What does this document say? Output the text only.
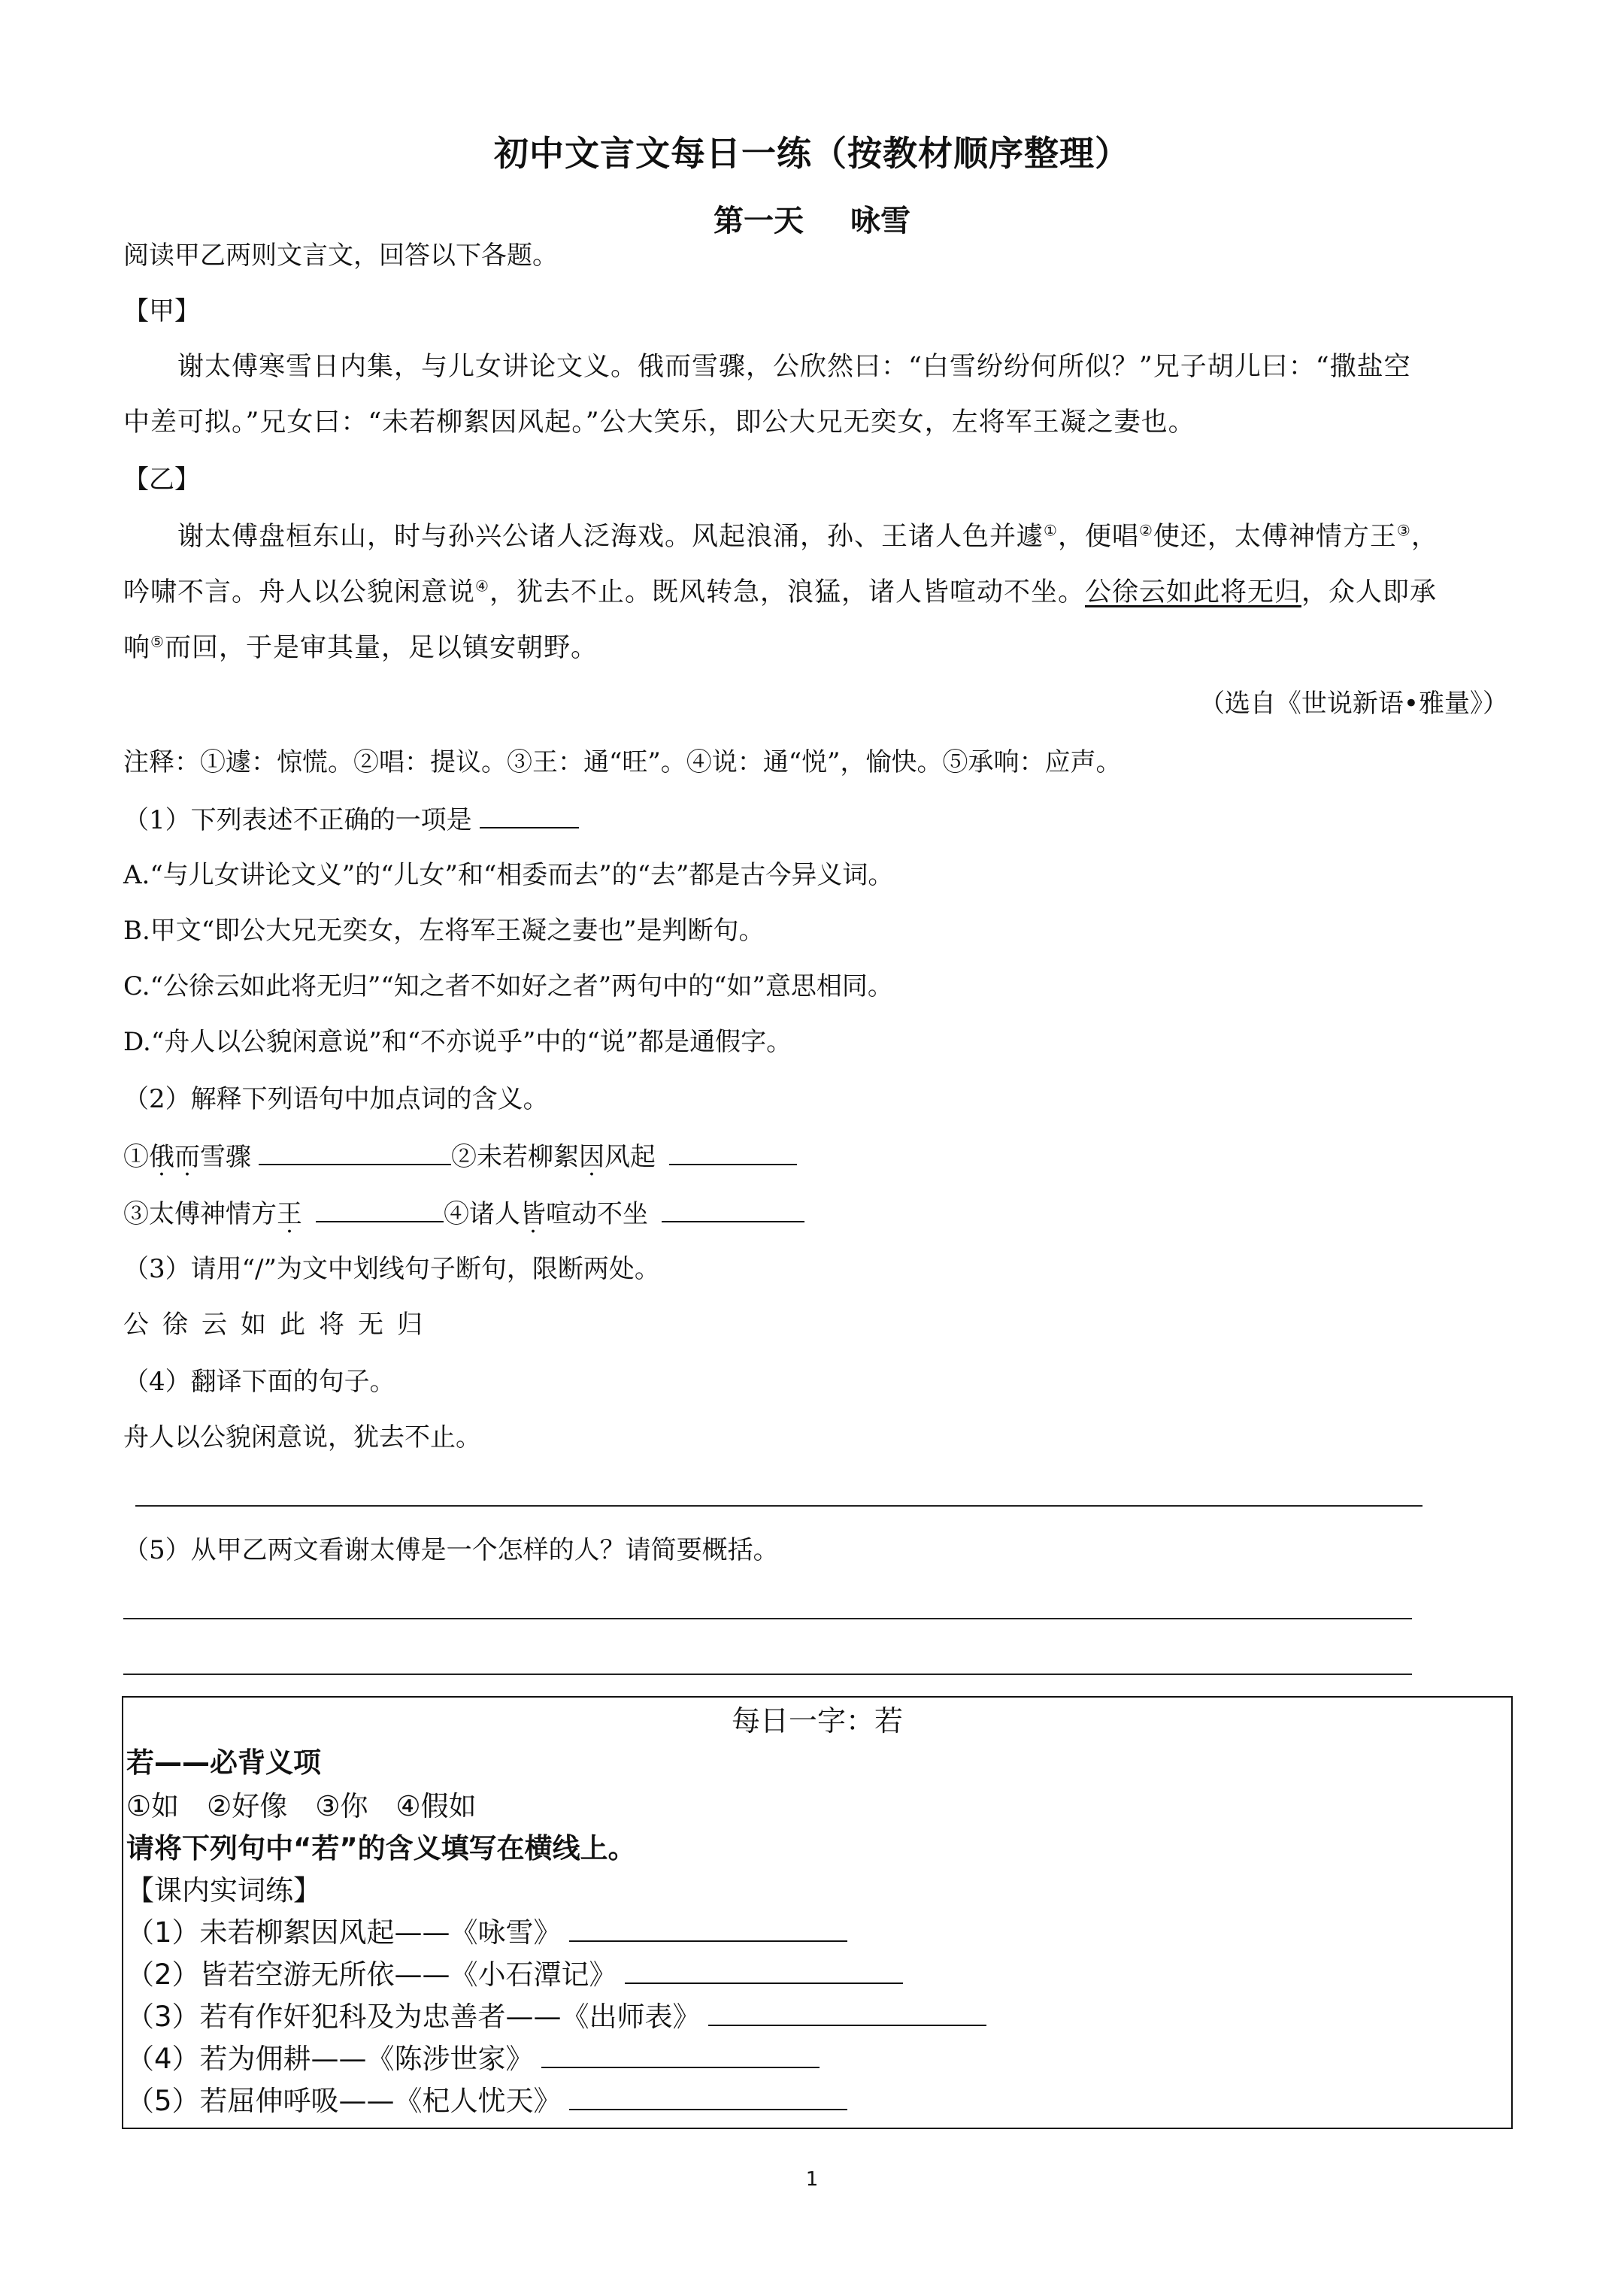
初中文言文每日一练（按教材顺序整理）
第一天 咏雪
阅读甲乙两则文言文，回答以下各题。
【甲】
谢太傅寒雪日内集，与儿女讲论文义。俄而雪骤，公欣然曰：“白雪纷纷何所似？”兄子胡儿曰：“撒盐空
中差可拟。”兄女曰：“未若柳絮因风起。”公大笑乐，即公大兄无奕女，左将军王凝之妻也。
【乙】
谢太傅盘桓东山，时与孙兴公诸人泛海戏。风起浪涌，孙、王诸人色并遽①，便唱②使还，太傅神情方王③，
吟啸不言。舟人以公貌闲意说④，犹去不止。既风转急，浪猛，诸人皆喧动不坐。公徐云如此将无归，众人即承
响⑤而回，于是审其量，足以镇安朝野。
（选自《世说新语•雅量》）
注释：①遽：惊慌。②唱：提议。③王：通“旺”。④说：通“悦”，愉快。⑤承响：应声。
（1）下列表述不正确的一项是
A.“与儿女讲论文义”的“儿女”和“相委而去”的“去”都是古今异义词。
B.甲文“即公大兄无奕女，左将军王凝之妻也”是判断句。
C.“公徐云如此将无归”“知之者不如好之者”两句中的“如”意思相同。
D.“舟人以公貌闲意说”和“不亦说乎”中的“说”都是通假字。
（2）解释下列语句中加点词的含义。
①俄而雪骤	②未若柳絮因风起
③太傅神情方王	④诸人皆喧动不坐
（3）请用“/”为文中划线句子断句，限断两处。
公徐云如此将无归
（4）翻译下面的句子。
舟人以公貌闲意说，犹去不止。
（5）从甲乙两文看谢太傅是一个怎样的人？请简要概括。
每日一字：若
若——必背义项
①如　②好像　③你　④假如
请将下列句中“若”的含义填写在横线上。
【课内实词练】
（1）未若柳絮因风起——《咏雪》
（2）皆若空游无所依——《小石潭记》
（3）若有作奸犯科及为忠善者——《出师表》
（4）若为佣耕——《陈涉世家》
（5）若屈伸呼吸——《杞人忧天》
1
